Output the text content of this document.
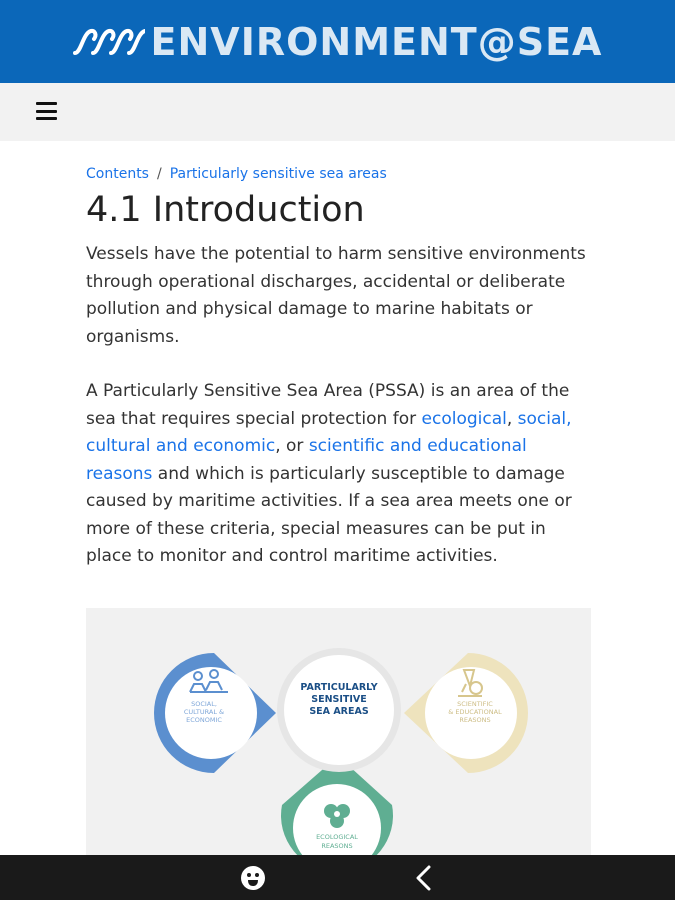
ENVIRONMENT@SEA
Contents / Particularly sensitive sea areas
4.1 Introduction

Vessels have the potential to harm sensitive environments through operational discharges, accidental or deliberate pollution and physical damage to marine habitats or organisms.

A Particularly Sensitive Sea Area (PSSA) is an area of the sea that requires special protection for ecological, social, cultural and economic, or scientific and educational reasons and which is particularly susceptible to damage caused by maritime activities. If a sea area meets one or more of these criteria, special measures can be put in place to monitor and control maritime activities.

PARTICULARLY
SENSITIVE
SEA AREAS
SOCIAL,
CULTURAL &
ECONOMIC
SCIENTIFIC
& EDUCATIONAL
REASONS
ECOLOGICAL
REASONS
